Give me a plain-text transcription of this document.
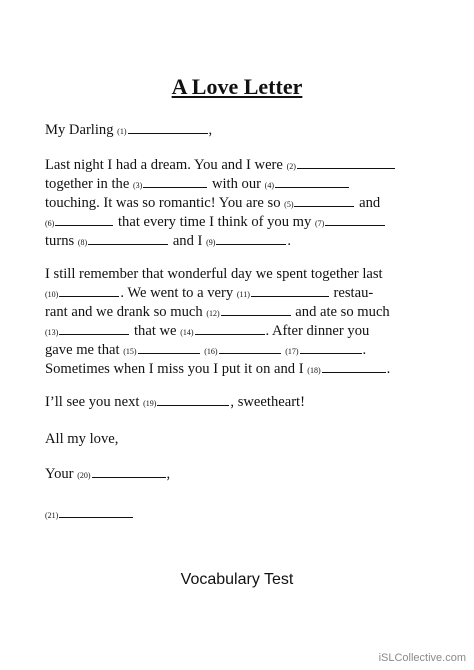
A Love Letter
My Darling (1)	,
Last night I had a dream. You and I were (2)
together in the (3)	with our (4)
touching. It was so romantic! You are so (5)	and
(6)	that every time I think of you my (7)
turns (8)	and I (9)	.
I still remember that wonderful day we spent together last
(10)	. We went to a very (11)	restau-
rant and we drank so much (12)	and ate so much
(13)	that we (14)	. After dinner you
gave me that (15)	(16)	(17)	.
Sometimes when I miss you I put it on and I (18)	.
I’ll see you next (19)	, sweetheart!
All my love,
Your (20)	,
(21)
Vocabulary Test
iSLCollective.com
